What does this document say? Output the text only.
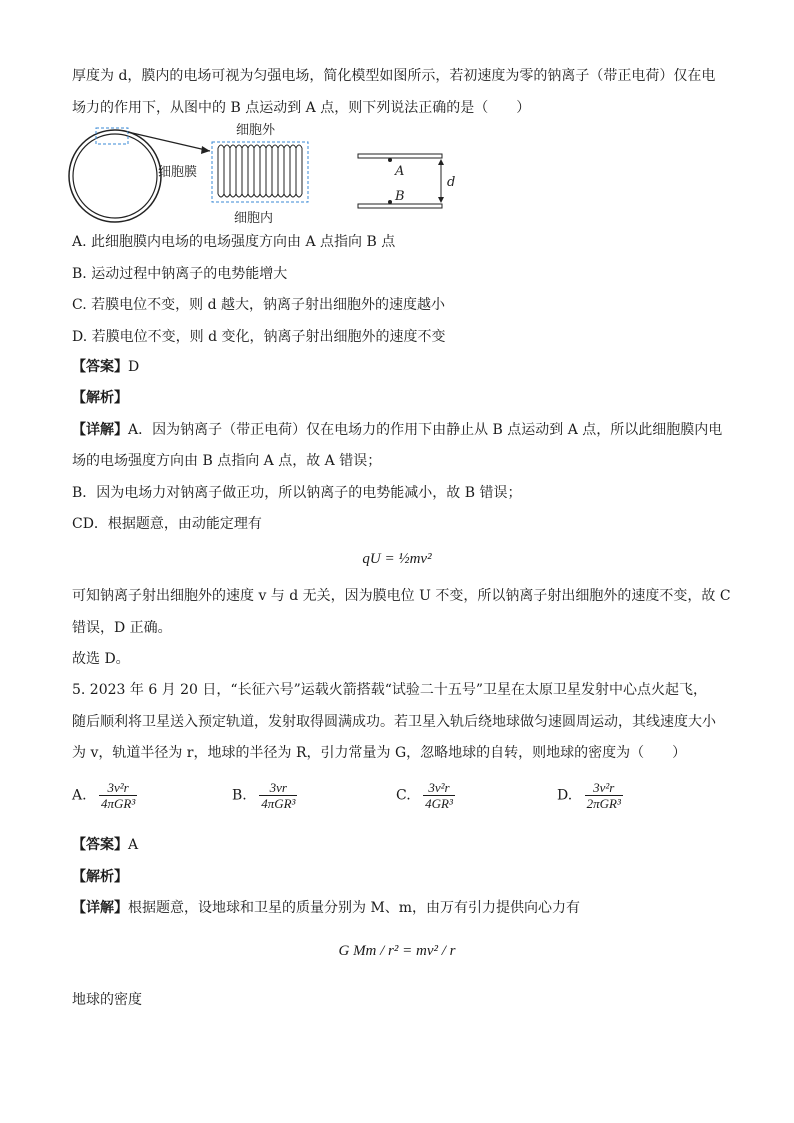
厚度为 d，膜内的电场可视为匀强电场，简化模型如图所示，若初速度为零的钠离子（带正电荷）仅在电
场力的作用下，从图中的 B 点运动到 A 点，则下列说法正确的是（　　）
细胞膜
细胞外
细胞内
A
B
d
A. 此细胞膜内电场的电场强度方向由 A 点指向 B 点
B. 运动过程中钠离子的电势能增大
C. 若膜电位不变，则 d 越大，钠离子射出细胞外的速度越小
D. 若膜电位不变，则 d 变化，钠离子射出细胞外的速度不变
【答案】D
【解析】
【详解】A．因为钠离子（带正电荷）仅在电场力的作用下由静止从 B 点运动到 A 点，所以此细胞膜内电
场的电场强度方向由 B 点指向 A 点，故 A 错误；
B．因为电场力对钠离子做正功，所以钠离子的电势能减小，故 B 错误；
CD．根据题意，由动能定理有
qU = ½mv²
可知钠离子射出细胞外的速度 v 与 d 无关，因为膜电位 U 不变，所以钠离子射出细胞外的速度不变，故 C
错误，D 正确。
故选 D。
5. 2023 年 6 月 20 日，“长征六号”运载火箭搭载“试验二十五号”卫星在太原卫星发射中心点火起飞，
随后顺利将卫星送入预定轨道，发射取得圆满成功。若卫星入轨后绕地球做匀速圆周运动，其线速度大小
为 v，轨道半径为 r，地球的半径为 R，引力常量为 G，忽略地球的自转，则地球的密度为（　　）
A. $\frac{\text{3v²r}}{\text{4πGR³}}$	B. $\frac{3vr}{\text{4πGR³}}$	C. $\frac{\text{3v²r}}{\text{4GR³}}$	D. $\frac{\text{3v²r}}{\text{2πGR³}}$
【答案】A
【解析】
【详解】根据题意，设地球和卫星的质量分别为 M、m，由万有引力提供向心力有
G Mm / r² = mv² / r
地球的密度
